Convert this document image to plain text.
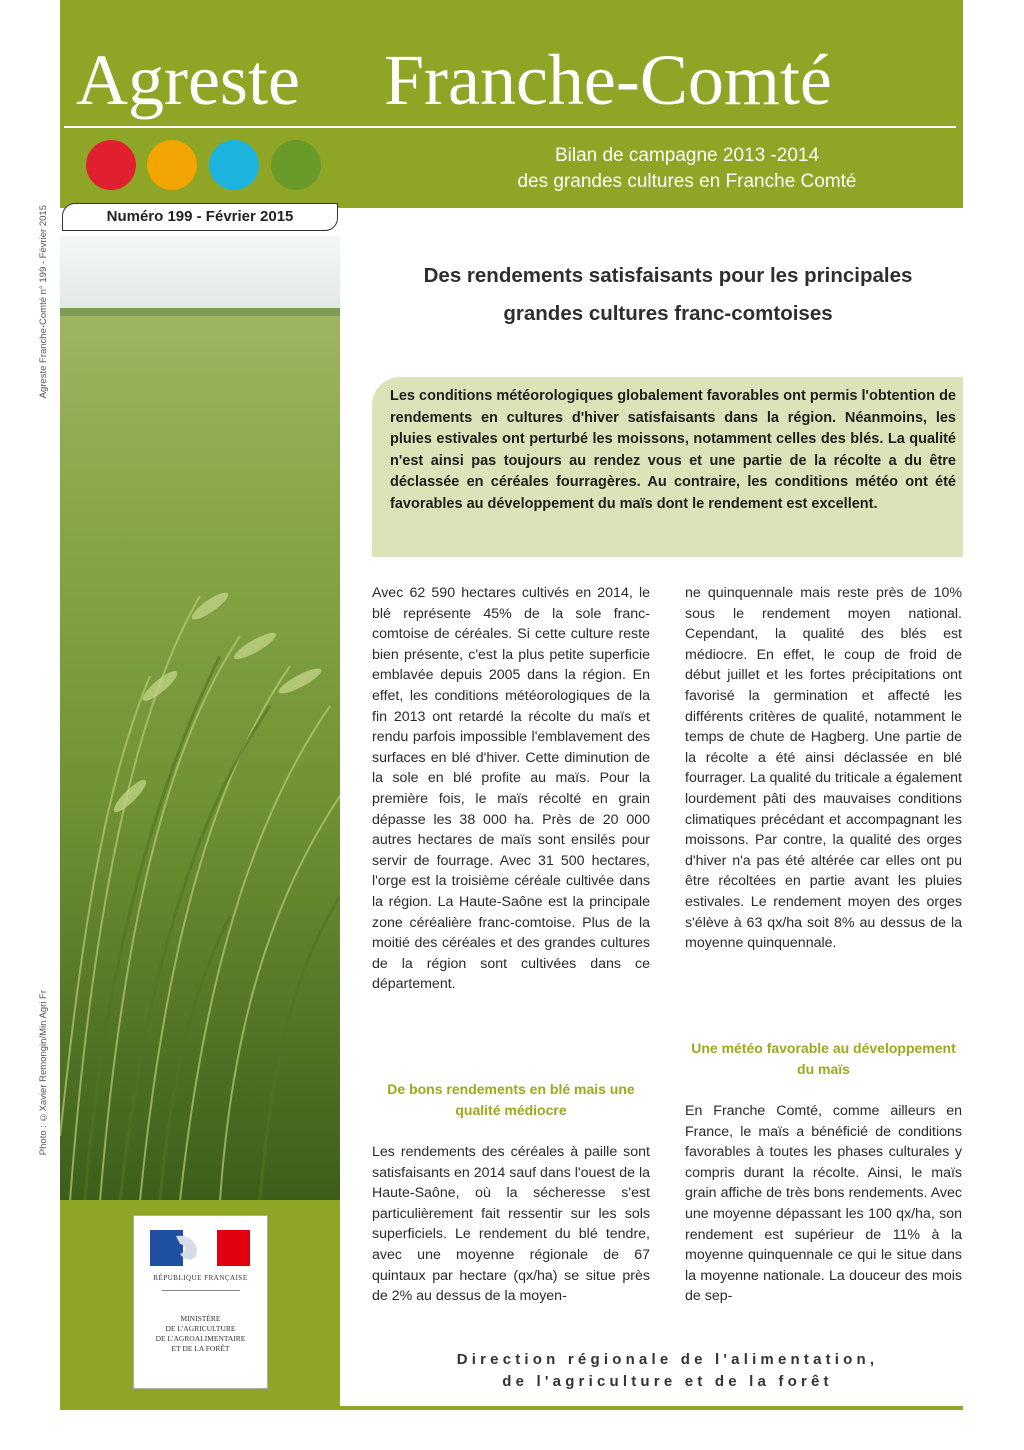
Agreste Franche-Comté
Bilan de campagne 2013 -2014
des grandes cultures en Franche Comté
Numéro 199 - Février 2015
Agreste Franche-Comté n° 199 - Février 2015
Photo : ©Xavier Remongin/Min Agri Fr
RÉPUBLIQUE FRANÇAISE
MINISTÈRE
DE L'AGRICULTURE
DE L'AGROALIMENTAIRE
ET DE LA FORÊT
Des rendements satisfaisants pour les principales
grandes cultures franc-comtoises
Les conditions météorologiques globalement favorables ont permis l'obtention de rendements en cultures d'hiver satisfaisants dans la région. Néanmoins, les pluies estivales ont perturbé les moissons, notamment celles des blés. La qualité n'est ainsi pas toujours au rendez vous et une partie de la récolte a du être déclassée en céréales fourragères. Au contraire, les conditions météo ont été favorables au développement du maïs dont le rendement est excellent.
Avec 62 590 hectares cultivés en 2014, le blé représente 45% de la sole franc-comtoise de céréales. Si cette culture reste bien présente, c'est la plus petite superficie emblavée depuis 2005 dans la région. En effet, les conditions météorologiques de la fin 2013 ont retardé la récolte du maïs et rendu parfois impossible l'emblavement des surfaces en blé d'hiver. Cette diminution de la sole en blé profite au maïs. Pour la première fois, le maïs récolté en grain dépasse les 38 000 ha. Près de 20 000 autres hectares de maïs sont ensilés pour servir de fourrage. Avec 31 500 hectares, l'orge est la troisième céréale cultivée dans la région. La Haute-Saône est la principale zone céréalière franc-comtoise. Plus de la moitié des céréales et des grandes cultures de la région sont cultivées dans ce département.
De bons rendements en blé mais une qualité médiocre
Les rendements des céréales à paille sont satisfaisants en 2014 sauf dans l'ouest de la Haute-Saône, où la sécheresse s'est particulièrement fait ressentir sur les sols superficiels. Le rendement du blé tendre, avec une moyenne régionale de 67 quintaux par hectare (qx/ha) se situe près de 2% au dessus de la moyen-
ne quinquennale mais reste près de 10% sous le rendement moyen national. Cependant, la qualité des blés est médiocre. En effet, le coup de froid de début juillet et les fortes précipitations ont favorisé la germination et affecté les différents critères de qualité, notamment le temps de chute de Hagberg. Une partie de la récolte a été ainsi déclassée en blé fourrager. La qualité du triticale a également lourdement pâti des mauvaises conditions climatiques précédant et accompagnant les moissons. Par contre, la qualité des orges d'hiver n'a pas été altérée car elles ont pu être récoltées en partie avant les pluies estivales. Le rendement moyen des orges s'élève à 63 qx/ha soit 8% au dessus de la moyenne quinquennale.
Une météo favorable au développement du maïs
En Franche Comté, comme ailleurs en France, le maïs a bénéficié de conditions favorables à toutes les phases culturales y compris durant la récolte. Ainsi, le maïs grain affiche de très bons rendements. Avec une moyenne dépassant les 100 qx/ha, son rendement est supérieur de 11% à la moyenne quinquennale ce qui le situe dans la moyenne nationale. La douceur des mois de sep-
Direction régionale de l'alimentation,
de l'agriculture et de la forêt
